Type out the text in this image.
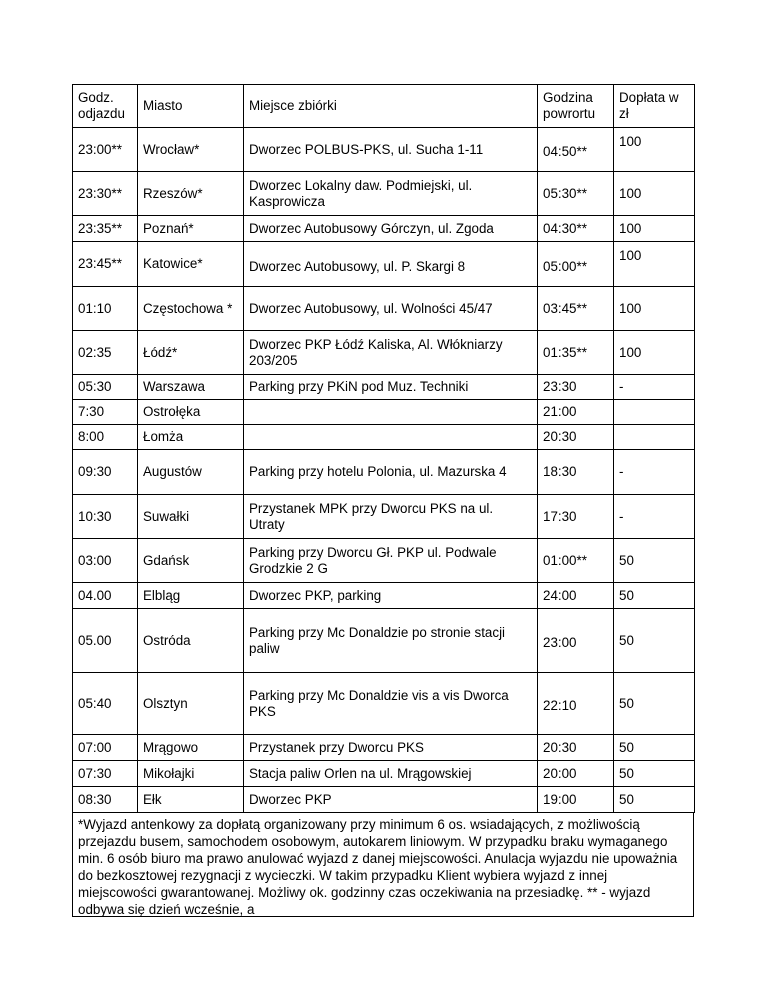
Godz. odjazdu	Miasto	Miejsce zbiórki	Godzina powrortu	Dopłata w zł
23:00**	Wrocław*	Dworzec POLBUS-PKS, ul. Sucha 1-11	04:50**	100
23:30**	Rzeszów*	Dworzec Lokalny daw. Podmiejski, ul. Kasprowicza	05:30**	100
23:35**	Poznań*	Dworzec Autobusowy Górczyn, ul. Zgoda	04:30**	100
23:45**	Katowice*	Dworzec Autobusowy, ul. P. Skargi 8	05:00**	100
01:10	Częstochowa *	Dworzec Autobusowy, ul. Wolności 45/47	03:45**	100
02:35	Łódź*	Dworzec PKP Łódź Kaliska, Al. Włókniarzy 203/205	01:35**	100
05:30	Warszawa	Parking przy PKiN pod Muz. Techniki	23:30	-
7:30	Ostrołęka		21:00	
8:00	Łomża		20:30	
09:30	Augustów	Parking przy hotelu Polonia, ul. Mazurska 4	18:30	-
10:30	Suwałki	Przystanek MPK przy Dworcu PKS na ul. Utraty	17:30	-
03:00	Gdańsk	Parking przy Dworcu Gł. PKP ul. Podwale Grodzkie 2 G	01:00**	50
04.00	Elbląg	Dworzec PKP, parking	24:00	50
05.00	Ostróda	Parking przy Mc Donaldzie po stronie stacji paliw	23:00	50
05:40	Olsztyn	Parking przy Mc Donaldzie vis a vis Dworca PKS	22:10	50
07:00	Mrągowo	Przystanek przy Dworcu PKS	20:30	50
07:30	Mikołajki	Stacja paliw Orlen na ul. Mrągowskiej	20:00	50
08:30	Ełk	Dworzec PKP	19:00	50
*Wyjazd antenkowy za dopłatą organizowany przy minimum 6 os. wsiadających, z możliwością przejazdu busem, samochodem osobowym, autokarem liniowym. W przypadku braku wymaganego min. 6 osób biuro ma prawo anulować wyjazd z danej miejscowości. Anulacja wyjazdu nie upoważnia do bezkosztowej rezygnacji z wycieczki. W takim przypadku Klient wybiera wyjazd z innej miejscowości gwarantowanej. Możliwy ok. godzinny czas oczekiwania na przesiadkę. ** - wyjazd odbywa się dzień wcześnie, a
